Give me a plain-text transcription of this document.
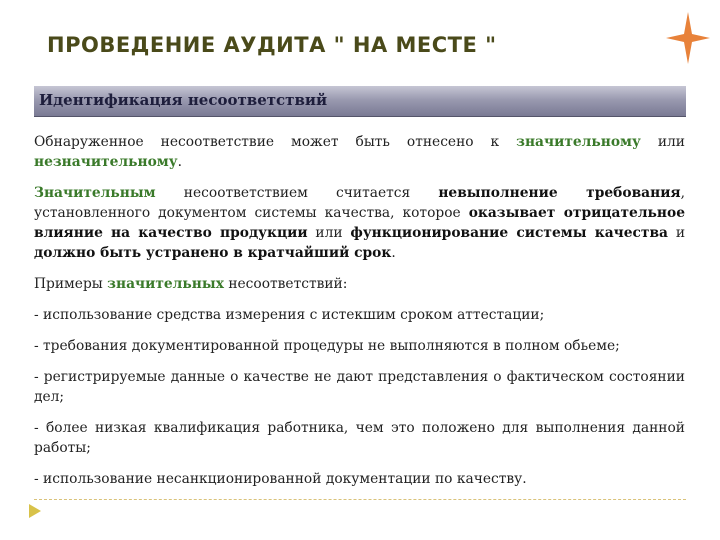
ПРОВЕДЕНИЕ АУДИТА " НА МЕСТЕ "
Идентификация несоответствий

Обнаруженное несоответствие может быть отнесено к значительному или незначительному.

Значительным несоответствием считается невыполнение требования, установленного документом системы качества, которое оказывает отрицательное влияние на качество продукции или функционирование системы качества и должно быть устранено в кратчайший срок.

Примеры значительных несоответствий:

- использование средства измерения с истекшим сроком аттестации;

- требования документированной процедуры не выполняются в полном обьеме;

- регистрируемые данные о качестве не дают представления о фактическом состоянии дел;

- более низкая квалификация работника, чем это положено для выполнения данной работы;

- использование несанкционированной документации по качеству.
